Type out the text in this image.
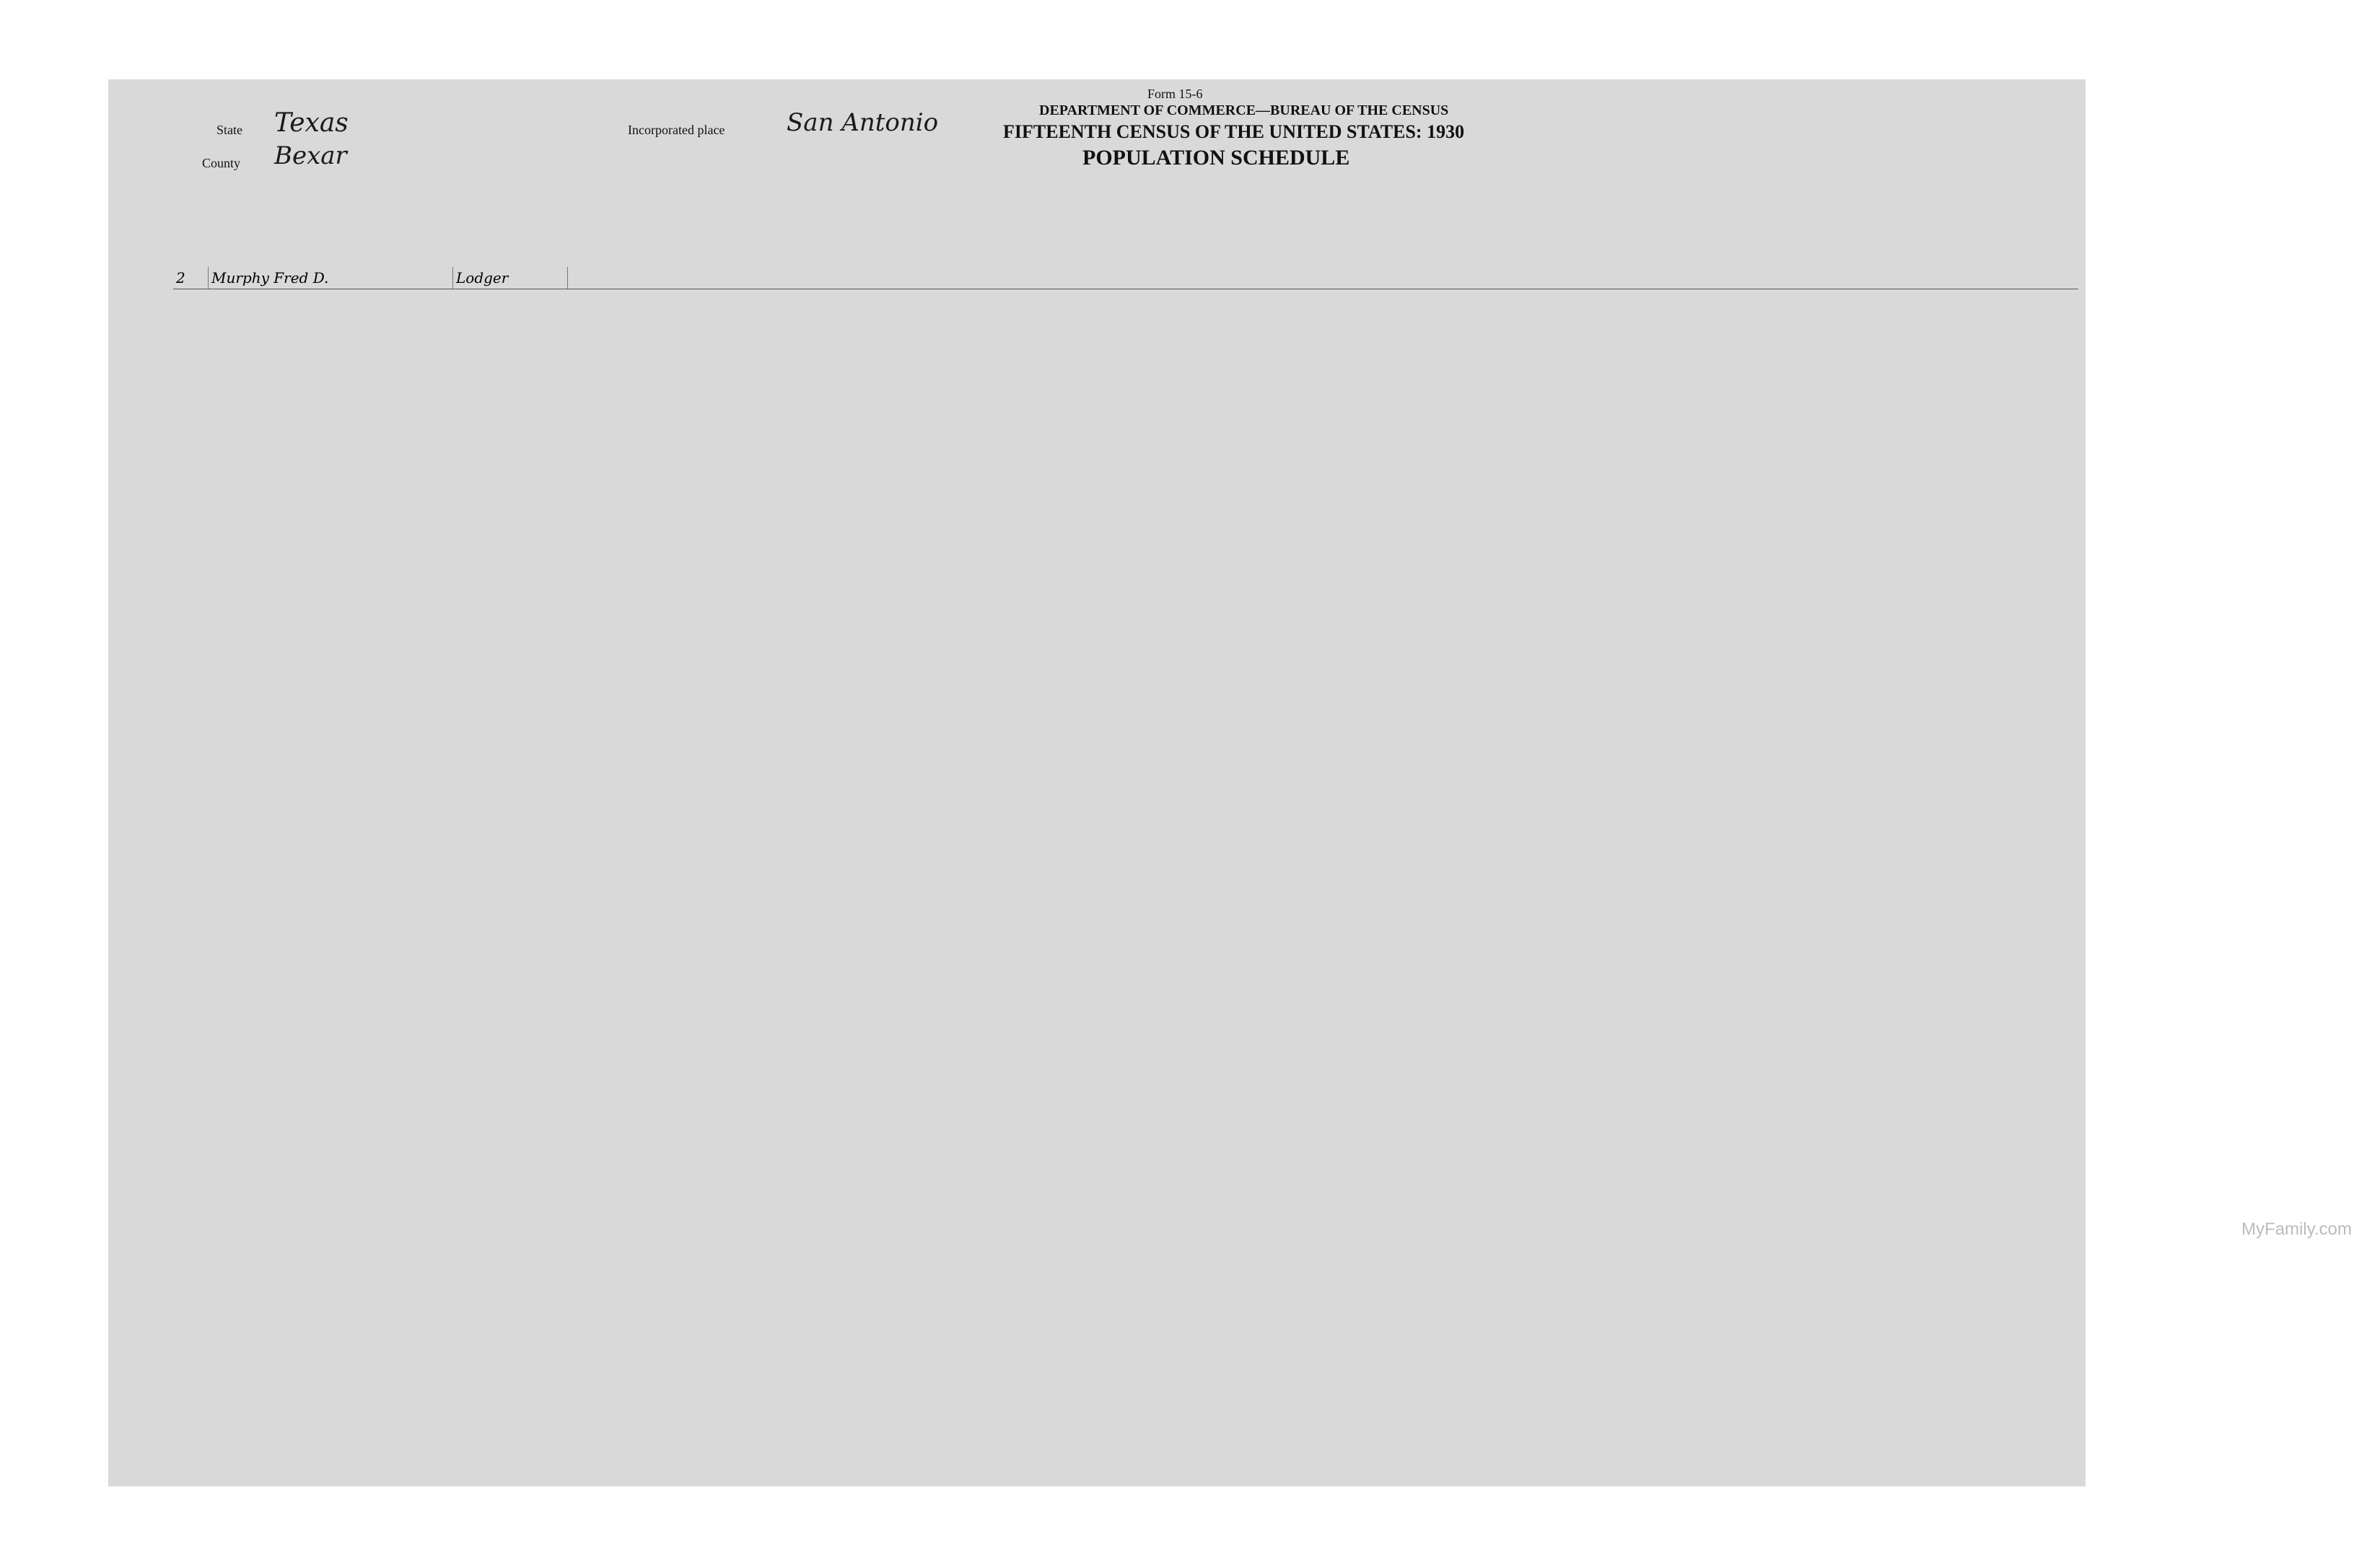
Form 15-6
DEPARTMENT OF COMMERCE—BUREAU OF THE CENSUS
FIFTEENTH CENSUS OF THE UNITED STATES: 1930
POPULATION SCHEDULE
State Texas
County Bexar
Incorporated place	San Antonio
2	Murphy Fred D.	Lodger
MyFamily.com
